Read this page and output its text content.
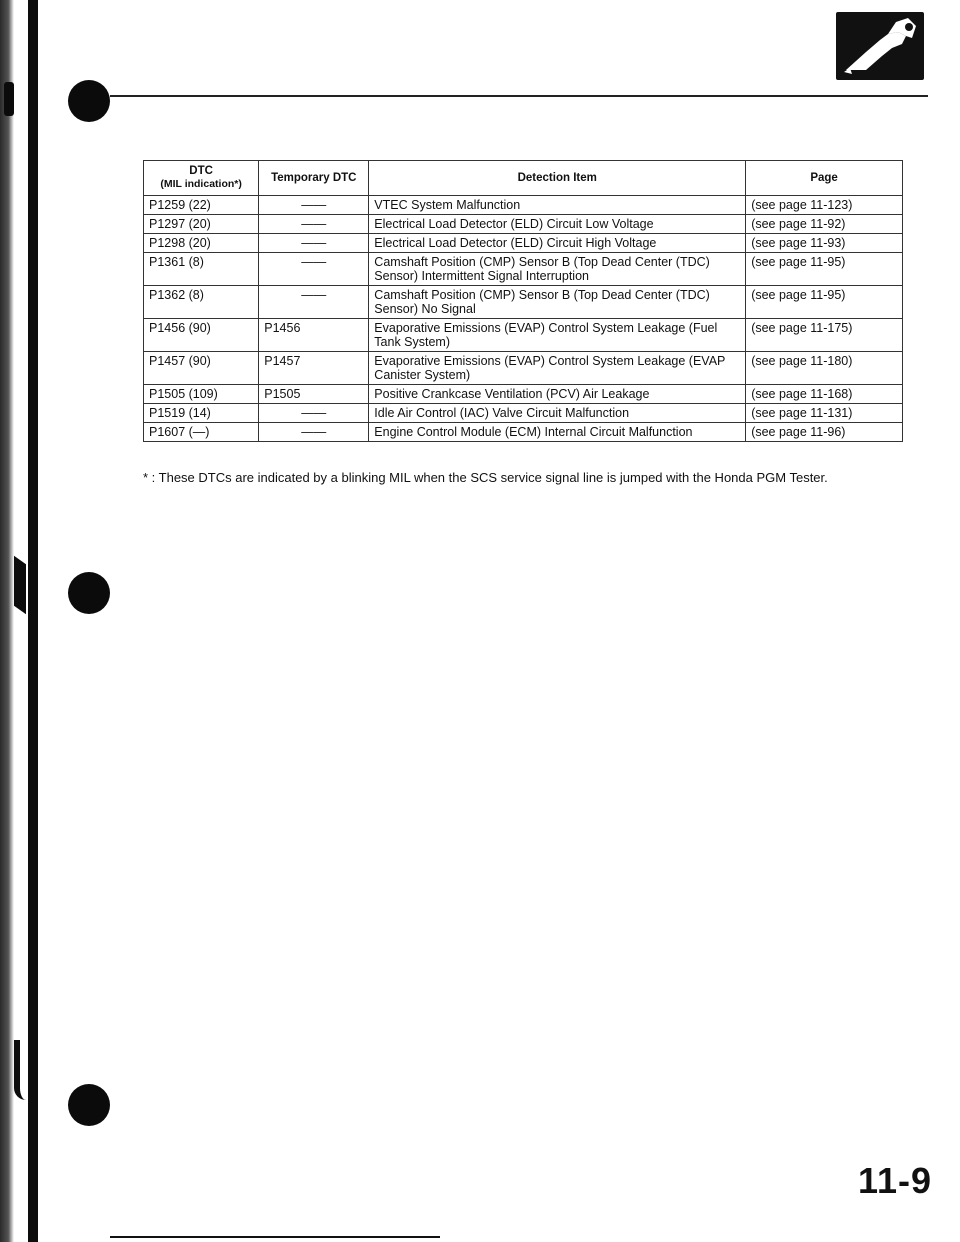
DTC
(MIL indication*)	Temporary DTC	Detection Item	Page
P1259 (22)	——	VTEC System Malfunction	(see page 11-123)
P1297 (20)	——	Electrical Load Detector (ELD) Circuit Low Voltage	(see page 11-92)
P1298 (20)	——	Electrical Load Detector (ELD) Circuit High Voltage	(see page 11-93)
P1361 (8)	——	Camshaft Position (CMP) Sensor B (Top Dead Center (TDC) Sensor) Intermittent Signal Interruption	(see page 11-95)
P1362 (8)	——	Camshaft Position (CMP) Sensor B (Top Dead Center (TDC) Sensor) No Signal	(see page 11-95)
P1456 (90)	P1456	Evaporative Emissions (EVAP) Control System Leakage (Fuel Tank System)	(see page 11-175)
P1457 (90)	P1457	Evaporative Emissions (EVAP) Control System Leakage (EVAP Canister System)	(see page 11-180)
P1505 (109)	P1505	Positive Crankcase Ventilation (PCV) Air Leakage	(see page 11-168)
P1519 (14)	——	Idle Air Control (IAC) Valve Circuit Malfunction	(see page 11-131)
P1607 (—)	——	Engine Control Module (ECM) Internal Circuit Malfunction	(see page 11-96)
* : These DTCs are indicated by a blinking MIL when the SCS service signal line is jumped with the Honda PGM Tester.
11-9
